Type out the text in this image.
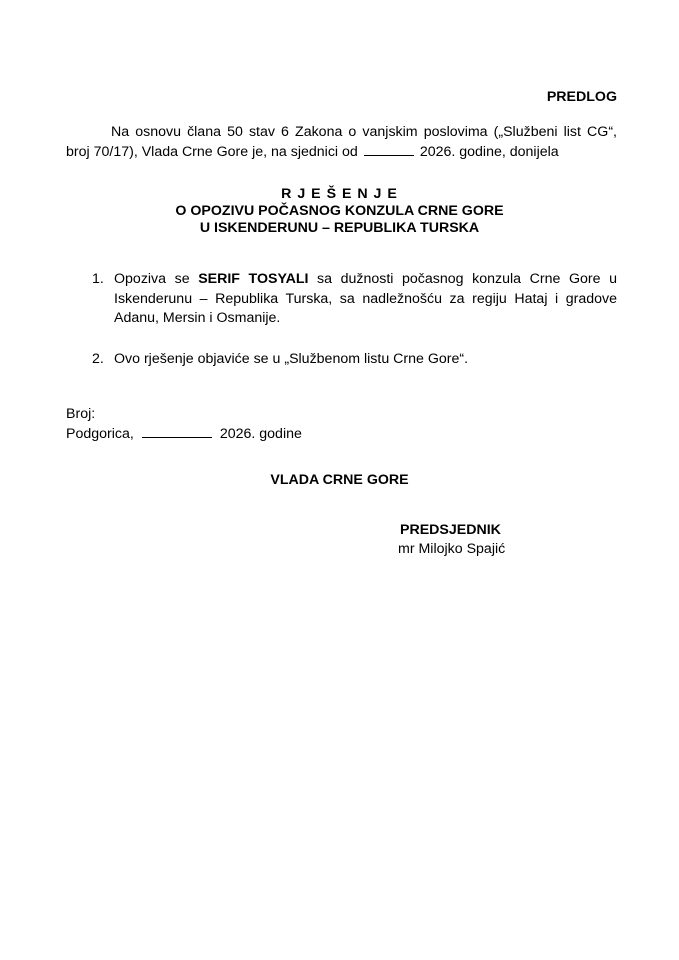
PREDLOG

Na osnovu člana 50 stav 6 Zakona o vanjskim poslovima („Službeni list CG“, broj 70/17), Vlada Crne Gore je, na sjednici od	2026. godine, donijela

R J E Š E N J E
O OPOZIVU POČASNOG KONZULA CRNE GORE
U ISKENDERUNU – REPUBLIKA TURSKA
1. Opoziva se SERIF TOSYALI sa dužnosti počasnog konzula Crne Gore u Iskenderunu – Republika Turska, sa nadležnošću za regiju Hataj i gradove Adanu, Mersin i Osmanije.
2. Ovo rješenje objaviće se u „Službenom listu Crne Gore“.
Broj:
Podgorica,	2026. godine
VLADA CRNE GORE
PREDSJEDNIK
mr Milojko Spajić
